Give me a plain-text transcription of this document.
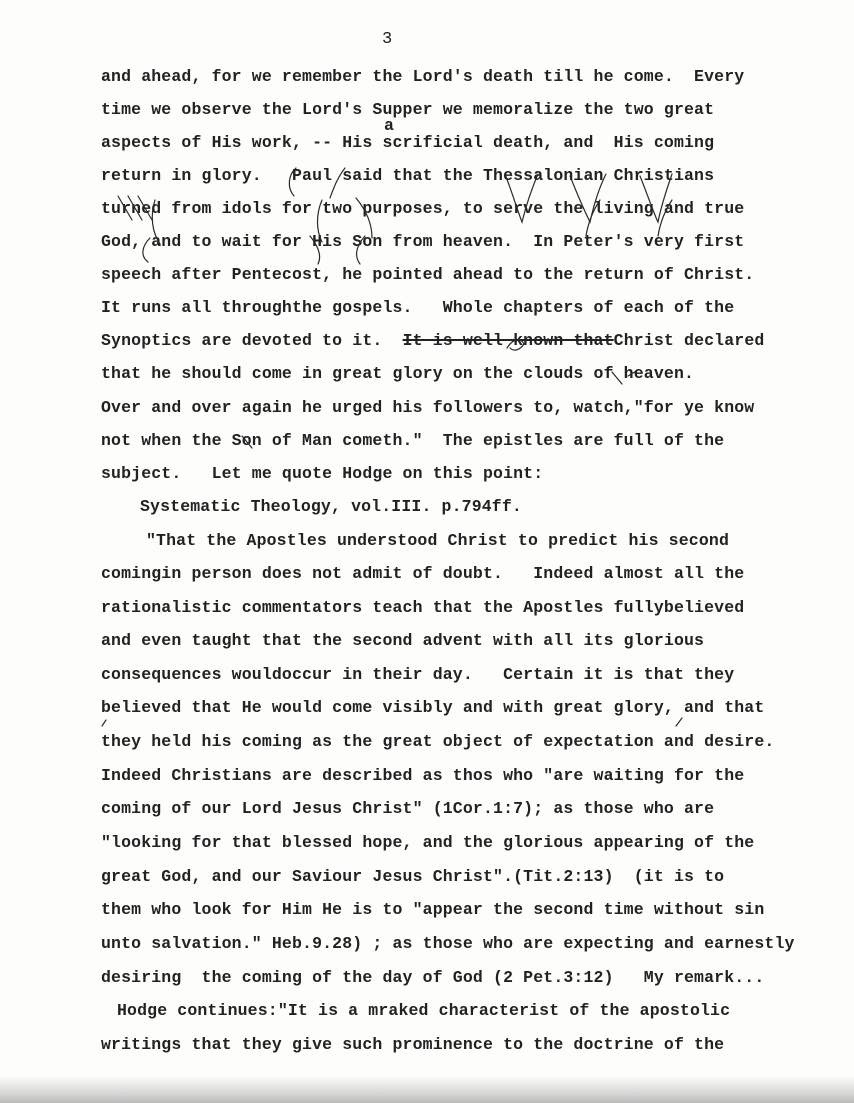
3
and ahead, for we remember the Lord's death till he come.  Every
time we observe the Lord's Supper we memoralize the two great
a
aspects of His work, -- His scrificial death, and  His coming
return in glory.   Paul said that the Thessalonian Christians
turned from idols for two purposes, to serve the living and true
God, and to wait for His Son from heaven.  In Peter's very first
speech after Pentecost, he pointed ahead to the return of Christ.
It runs all throughthe gospels.   Whole chapters of each of the
Synoptics are devoted to it. It is well known thatChrist declared
that he should come in great glory on the clouds of heaven.
Over and over again he urged his followers to, watch,"for ye know
not when the Son of Man cometh."  The epistles are full of the
subject.   Let me quote Hodge on this point:
Systematic Theology, vol.III. p.794ff.
"That the Apostles understood Christ to predict his second
comingin person does not admit of doubt.   Indeed almost all the
rationalistic commentators teach that the Apostles fullybelieved
and even taught that the second advent with all its glorious
consequences wouldoccur in their day.   Certain it is that they
believed that He would come visibly and with great glory, and that
they held his coming as the great object of expectation and desire.
Indeed Christians are described as thos who "are waiting for the
coming of our Lord Jesus Christ" (1Cor.1:7); as those who are
"looking for that blessed hope, and the glorious appearing of the
great God, and our Saviour Jesus Christ".(Tit.2:13)  (it is to
them who look for Him He is to "appear the second time without sin
unto salvation." Heb.9.28) ; as those who are expecting and earnestly
desiring  the coming of the day of God (2 Pet.3:12)   My remark...
Hodge continues:"It is a mraked characterist of the apostolic
writings that they give such prominence to the doctrine of the
